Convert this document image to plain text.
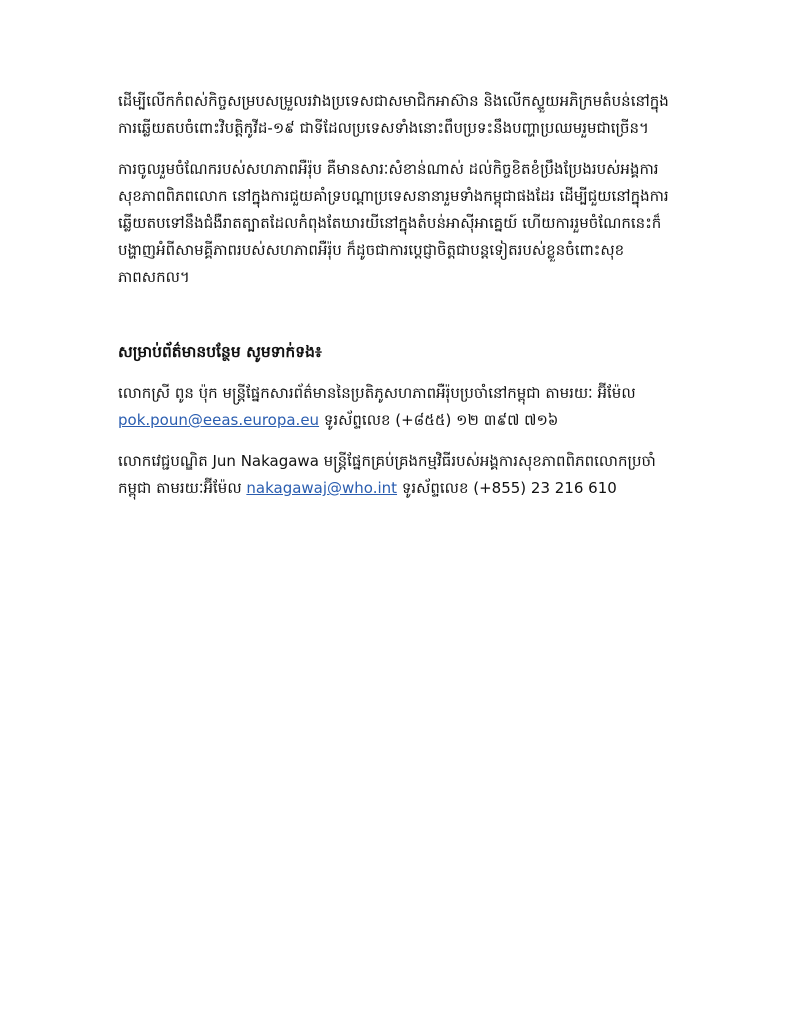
ដើម្បីលើកកំពស់កិច្ចសម្របសម្រួលរវាងប្រទេសជាសមាជិកអាស៊ាន និងលើកស្ទួយអភិក្រមតំបន់នៅក្នុងការឆ្លើយតបចំពោះវិបត្តិកូវីដ-១៩ ជាទីដែលប្រទេសទាំងនោះពឹបប្រទះនឹងបញ្ហាប្រឈមរួមជាច្រើន។

ការចូលរួមចំណែករបស់សហភាពអឺរ៉ុប គឺមានសារៈសំខាន់ណាស់ ដល់កិច្ចខិតខំប្រឹងប្រែងរបស់អង្គការសុខភាពពិភពលោក នៅក្នុងការជួយគាំទ្របណ្តាប្រទេសនានារួមទាំងកម្ពុជាផងដែរ ដើម្បីជួយនៅក្នុងការឆ្លើយតបទៅនឹងជំងឺរាតត្បាតដែលកំពុងតែឃារយីនៅក្នុងតំបន់អាស៊ីអាគ្នេយ៍ ហើយការរួមចំណែកនេះក៏បង្ហាញអំពីសាមគ្គីភាពរបស់សហភាពអឺរ៉ុប ក៏ដូចជាការប្តេជ្ញាចិត្តជាបន្តទៀតរបស់ខ្លួនចំពោះសុខភាពសកល។

សម្រាប់ព័ត៌មានបន្ថែម សូមទាក់ទង៖

លោកស្រី ពូន ប៉ុក មន្ត្រីផ្នែកសារព័ត៌មាននៃប្រតិភូសហភាពអឺរ៉ុបប្រចាំនៅកម្ពុជា តាមរយៈ អ៊ីម៉ែល pok.poun@eeas.europa.eu ទូរស័ព្ទលេខ (+៨៥៥) ១២ ៣៩៧ ៧១៦

លោកវេជ្ជបណ្ឌិត Jun Nakagawa មន្ត្រីផ្នែកគ្រប់គ្រងកម្មវិធីរបស់អង្គការសុខភាពពិភពលោកប្រចាំកម្ពុជា តាមរយៈអ៊ីម៉ែល nakagawaj@who.int ទូរស័ព្ទលេខ (+855) 23 216 610
